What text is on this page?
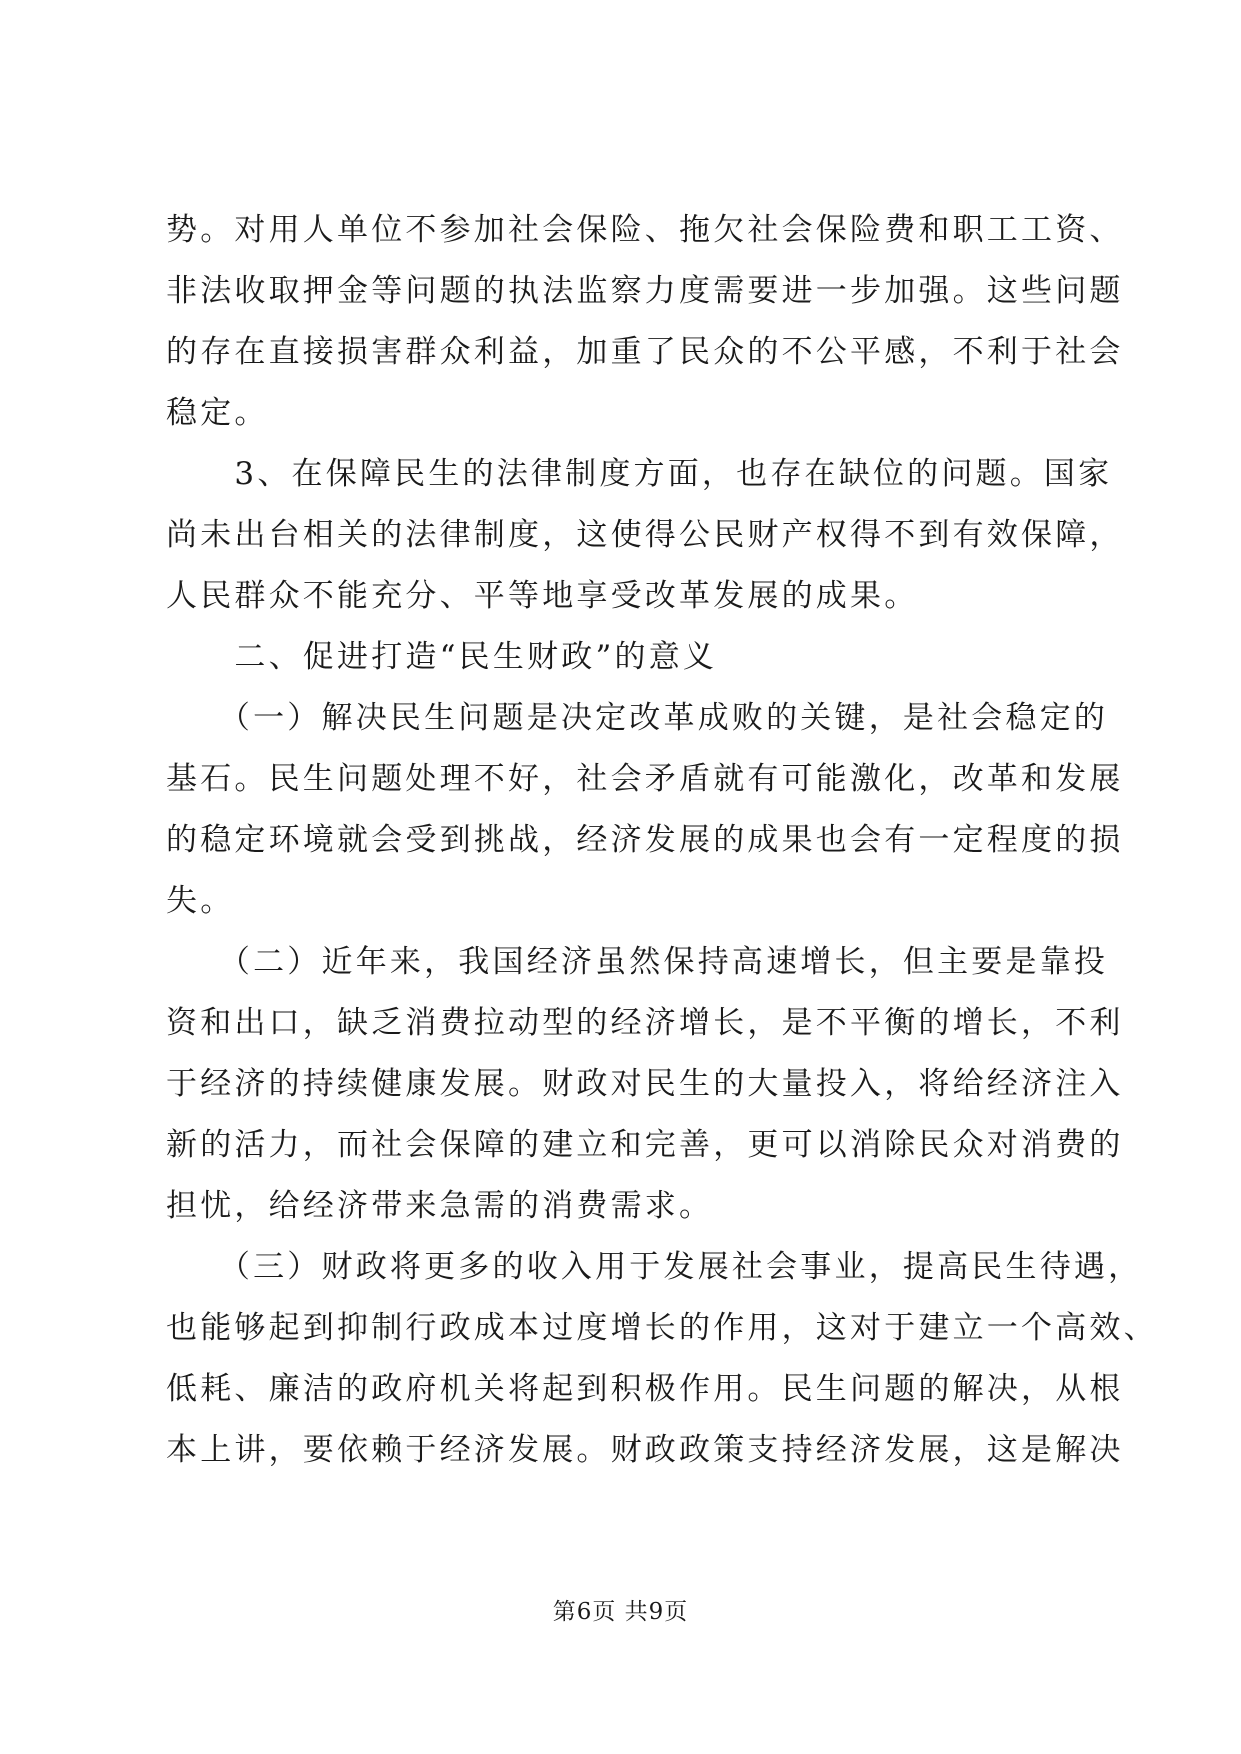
势。对用人单位不参加社会保险、拖欠社会保险费和职工工资、
非法收取押金等问题的执法监察力度需要进一步加强。这些问题
的存在直接损害群众利益，加重了民众的不公平感，不利于社会
稳定。
　　3、在保障民生的法律制度方面，也存在缺位的问题。国家
尚未出台相关的法律制度，这使得公民财产权得不到有效保障，
人民群众不能充分、平等地享受改革发展的成果。
　　二、促进打造“民生财政”的意义
　　（一）解决民生问题是决定改革成败的关键，是社会稳定的
基石。民生问题处理不好，社会矛盾就有可能激化，改革和发展
的稳定环境就会受到挑战，经济发展的成果也会有一定程度的损
失。
　　（二）近年来，我国经济虽然保持高速增长，但主要是靠投
资和出口，缺乏消费拉动型的经济增长，是不平衡的增长，不利
于经济的持续健康发展。财政对民生的大量投入，将给经济注入
新的活力，而社会保障的建立和完善，更可以消除民众对消费的
担忧，给经济带来急需的消费需求。
　　（三）财政将更多的收入用于发展社会事业，提高民生待遇，
也能够起到抑制行政成本过度增长的作用，这对于建立一个高效、
低耗、廉洁的政府机关将起到积极作用。民生问题的解决，从根
本上讲，要依赖于经济发展。财政政策支持经济发展，这是解决
第6页 共9页
